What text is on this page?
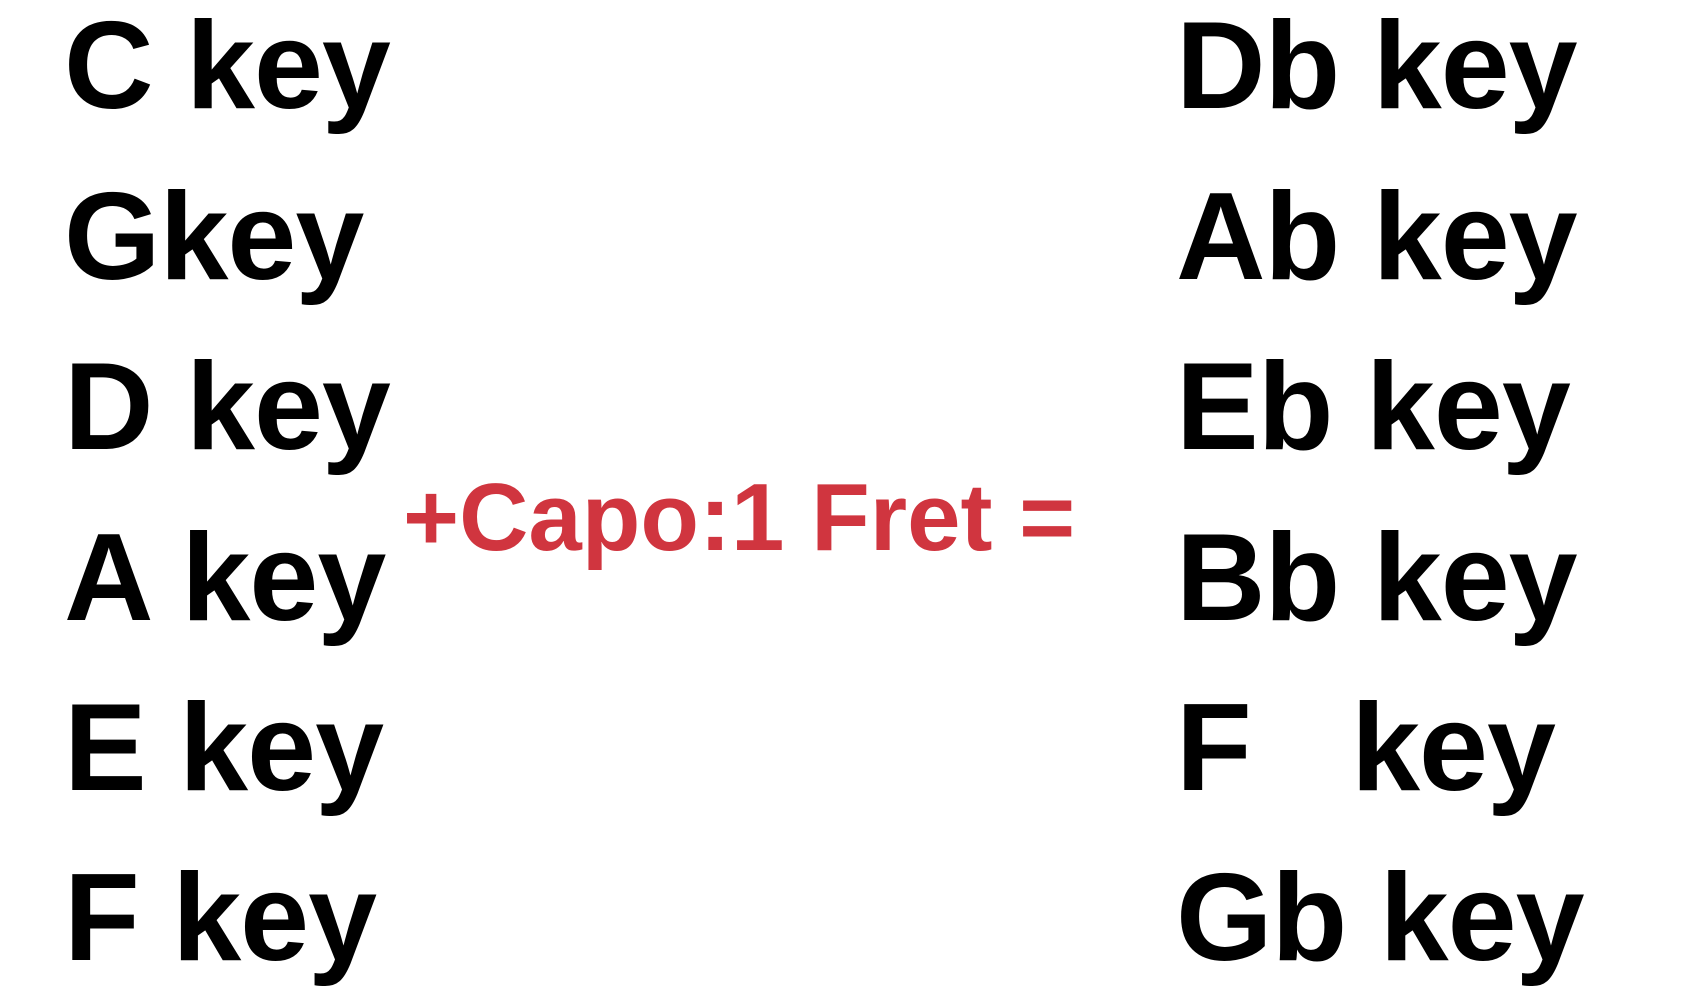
C key
Gkey
D key
A key
E key
F key
+Capo:1 Fret =
Db key
Ab key
Eb key
Bb key
F   key
Gb key
